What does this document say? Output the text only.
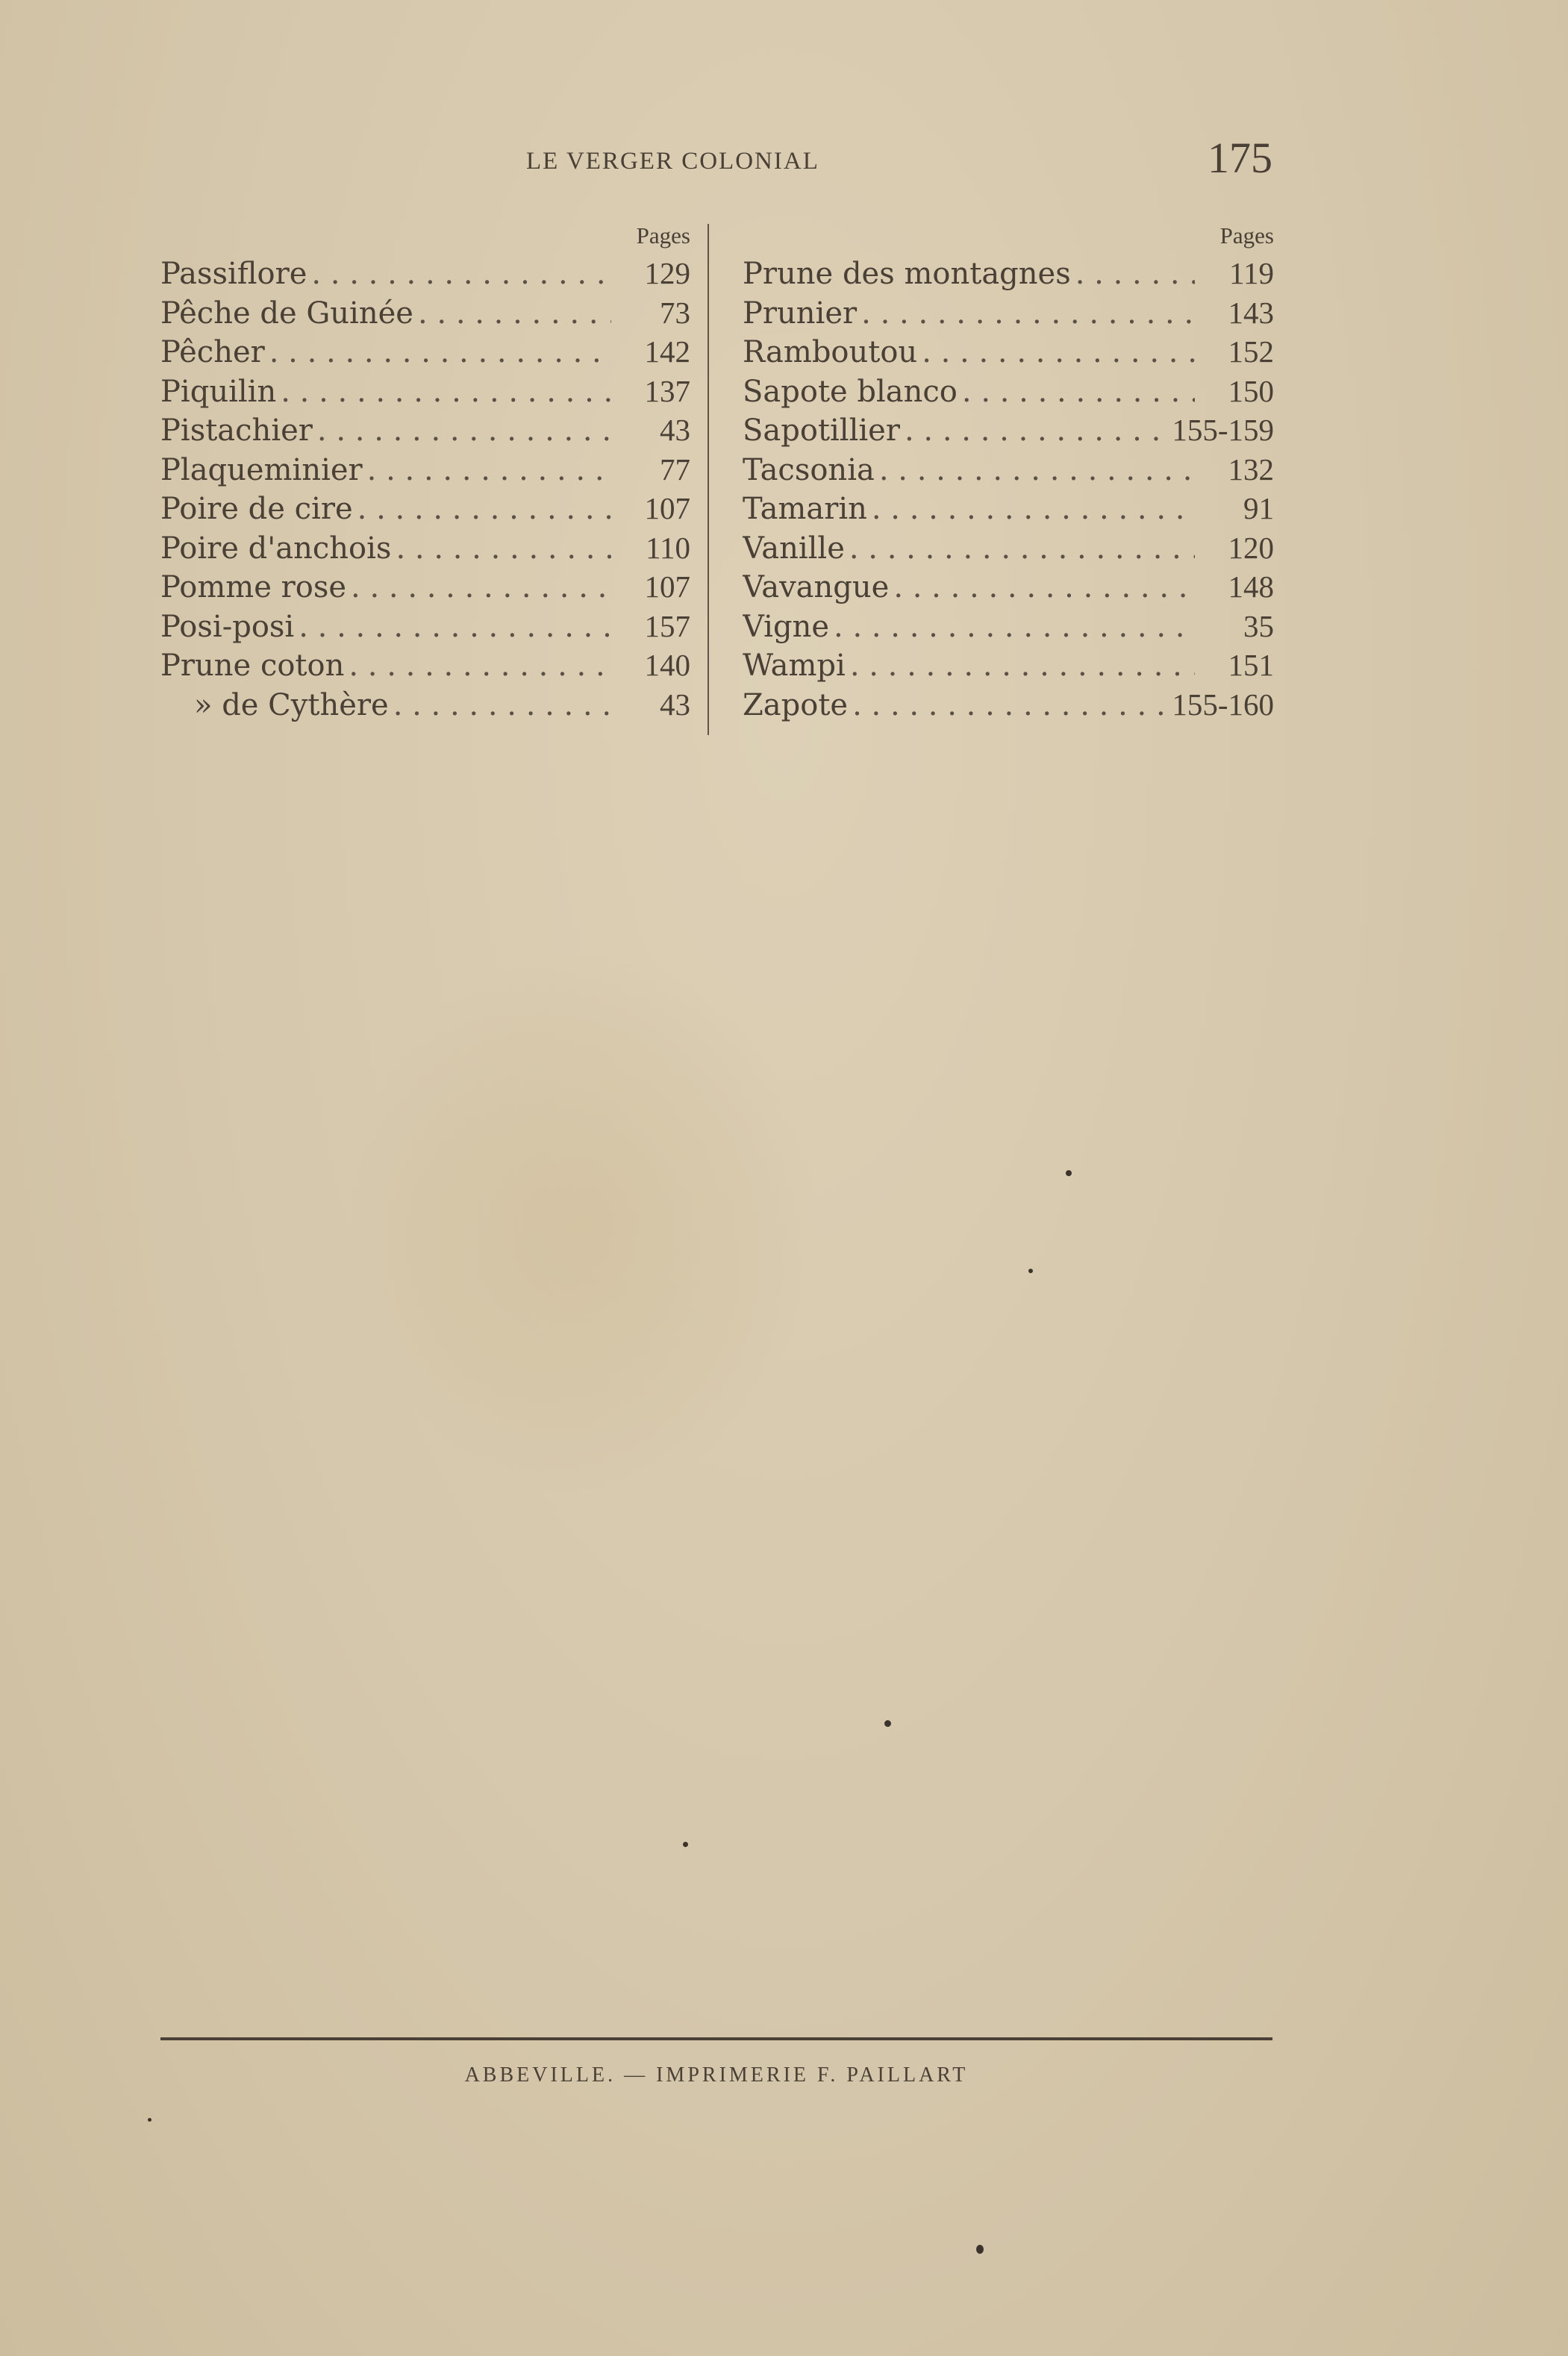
LE VERGER COLONIAL	175
Pages
Passiflore . . .	129
Pêche de Guinée . . .	73
Pêcher . . .	142
Piquilin . . .	137
Pistachier . . .	43
Plaqueminier . . .	77
Poire de cire . . .	107
Poire d'anchois . . .	110
Pomme rose . . .	107
Posi-posi . . .	157
Prune coton . . .	140
» de Cythère . . .	43
Pages
Prune des montagnes . . .	119
Prunier . . .	143
Ramboutou . . .	152
Sapote blanco . . .	150
Sapotillier . . .	155-159
Tacsonia . . .	132
Tamarin . . .	91
Vanille . . .	120
Vavangue . . .	148
Vigne . . .	35
Wampi . . .	151
Zapote . . .	155-160
ABBEVILLE. — IMPRIMERIE F. PAILLART
